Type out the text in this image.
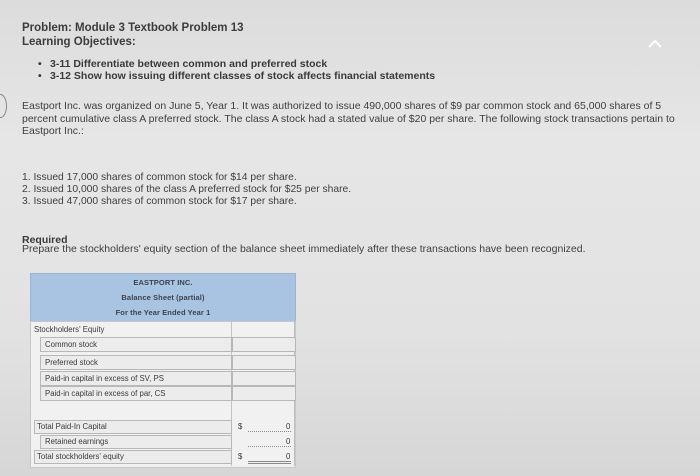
Problem: Module 3 Textbook Problem 13
Learning Objectives:
• 3-11 Differentiate between common and preferred stock
• 3-12 Show how issuing different classes of stock affects financial statements
Eastport Inc. was organized on June 5, Year 1. It was authorized to issue 490,000 shares of $9 par common stock and 65,000 shares of 5 percent cumulative class A preferred stock. The class A stock had a stated value of $20 per share. The following stock transactions pertain to Eastport Inc.:
1. Issued 17,000 shares of common stock for $14 per share.
2. Issued 10,000 shares of the class A preferred stock for $25 per share.
3. Issued 47,000 shares of common stock for $17 per share.
Required
Prepare the stockholders' equity section of the balance sheet immediately after these transactions have been recognized.
EASTPORT INC.
Balance Sheet (partial)
For the Year Ended Year 1
Stockholders' Equity
Common stock
Preferred stock
Paid-in capital in excess of SV, PS
Paid-in capital in excess of par, CS
Total Paid-In Capital	$	0
Retained earnings	0
Total stockholders' equity	$	0
